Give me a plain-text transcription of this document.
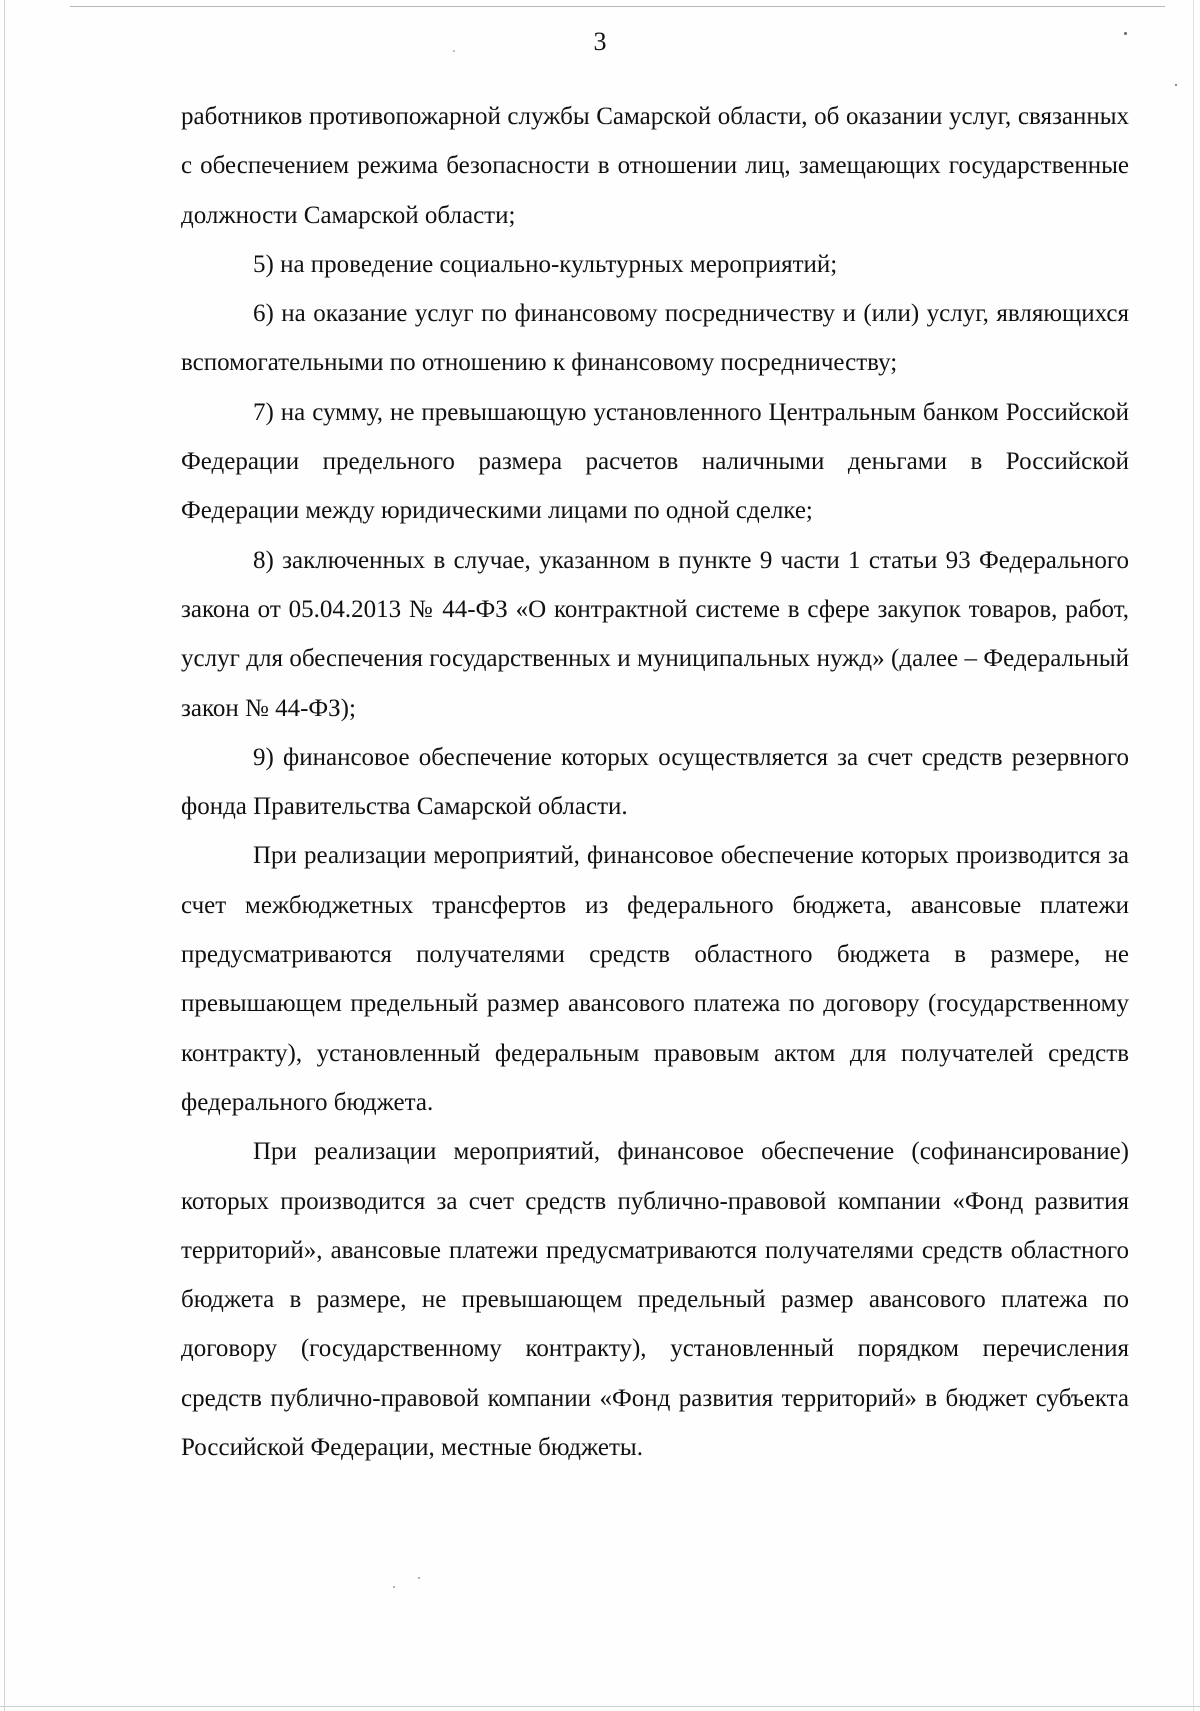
3

работников противопожарной службы Самарской области, об оказании услуг, связанных с обеспечением режима безопасности в отношении лиц, замещающих государственные должности Самарской области;

5) на проведение социально-культурных мероприятий;

6) на оказание услуг по финансовому посредничеству и (или) услуг, являющихся вспомогательными по отношению к финансовому посредничеству;

7) на сумму, не превышающую установленного Центральным банком Российской Федерации предельного размера расчетов наличными деньгами в Российской Федерации между юридическими лицами по одной сделке;

8) заключенных в случае, указанном в пункте 9 части 1 статьи 93 Федерального закона от 05.04.2013 № 44-ФЗ «О контрактной системе в сфере закупок товаров, работ, услуг для обеспечения государственных и муниципальных нужд» (далее – Федеральный закон № 44-ФЗ);

9) финансовое обеспечение которых осуществляется за счет средств резервного фонда Правительства Самарской области.

При реализации мероприятий, финансовое обеспечение которых производится за счет межбюджетных трансфертов из федерального бюджета, авансовые платежи предусматриваются получателями средств областного бюджета в размере, не превышающем предельный размер авансового платежа по договору (государственному контракту), установленный федеральным правовым актом для получателей средств федерального бюджета.

При реализации мероприятий, финансовое обеспечение (софинансирование) которых производится за счет средств публично-правовой компании «Фонд развития территорий», авансовые платежи предусматриваются получателями средств областного бюджета в размере, не превышающем предельный размер авансового платежа по договору (государственному контракту), установленный порядком перечисления средств публично-правовой компании «Фонд развития территорий» в бюджет субъекта Российской Федерации, местные бюджеты.
